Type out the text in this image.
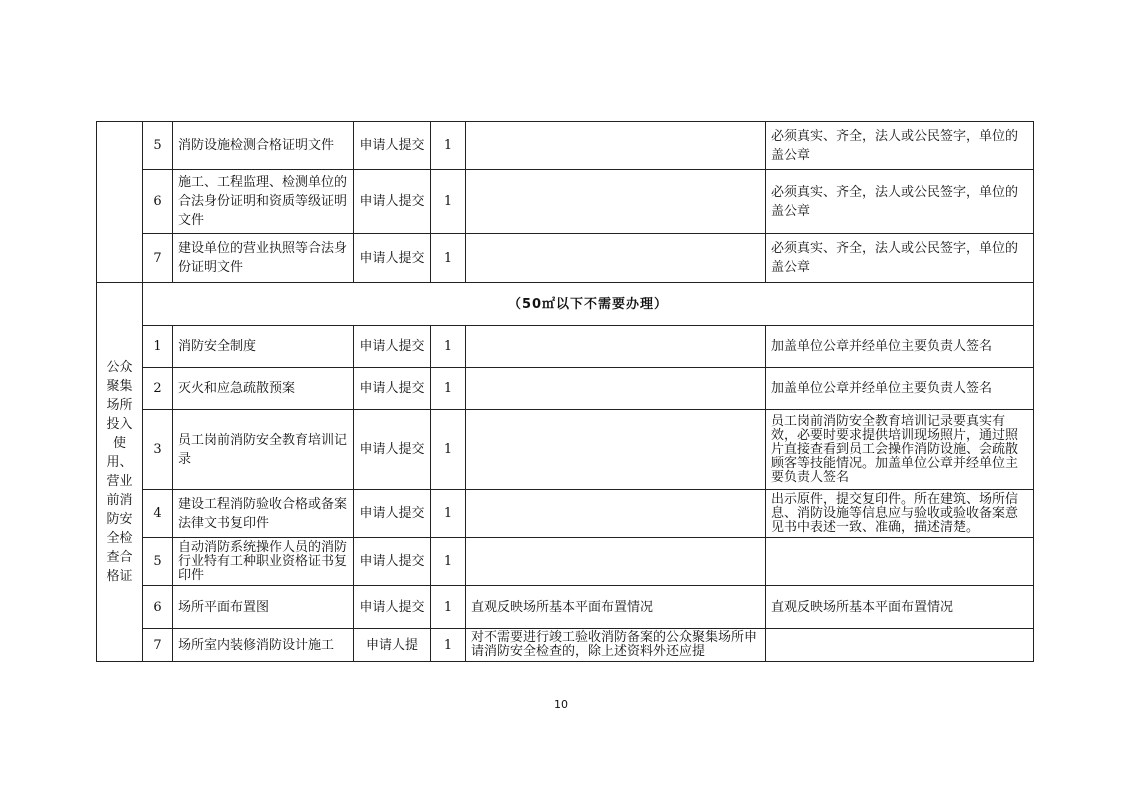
	5	消防设施检测合格证明文件	申请人提交	1		必须真实、齐全，法人或公民签字，单位的盖公章
	6	施工、工程监理、检测单位的合法身份证明和资质等级证明文件	申请人提交	1		必须真实、齐全，法人或公民签字，单位的盖公章
	7	建设单位的营业执照等合法身份证明文件	申请人提交	1		必须真实、齐全，法人或公民签字，单位的盖公章
公众聚集场所投入使用、营业前消防安全检查合格证	（50㎡以下不需要办理）					
	1	消防安全制度	申请人提交	1		加盖单位公章并经单位主要负责人签名
	2	灭火和应急疏散预案	申请人提交	1		加盖单位公章并经单位主要负责人签名
	3	员工岗前消防安全教育培训记录	申请人提交	1		员工岗前消防安全教育培训记录要真实有效，必要时要求提供培训现场照片，通过照片直接查看到员工会操作消防设施、会疏散顾客等技能情况。加盖单位公章并经单位主要负责人签名
	4	建设工程消防验收合格或备案法律文书复印件	申请人提交	1		出示原件，提交复印件。所在建筑、场所信息、消防设施等信息应与验收或验收备案意见书中表述一致、准确，描述清楚。
	5	自动消防系统操作人员的消防行业特有工种职业资格证书复印件	申请人提交	1		
	6	场所平面布置图	申请人提交	1	直观反映场所基本平面布置情况	直观反映场所基本平面布置情况
	7	场所室内装修消防设计施工	申请人提	1	对不需要进行竣工验收消防备案的公众聚集场所申请消防安全检查的，除上述资料外还应提	
10
